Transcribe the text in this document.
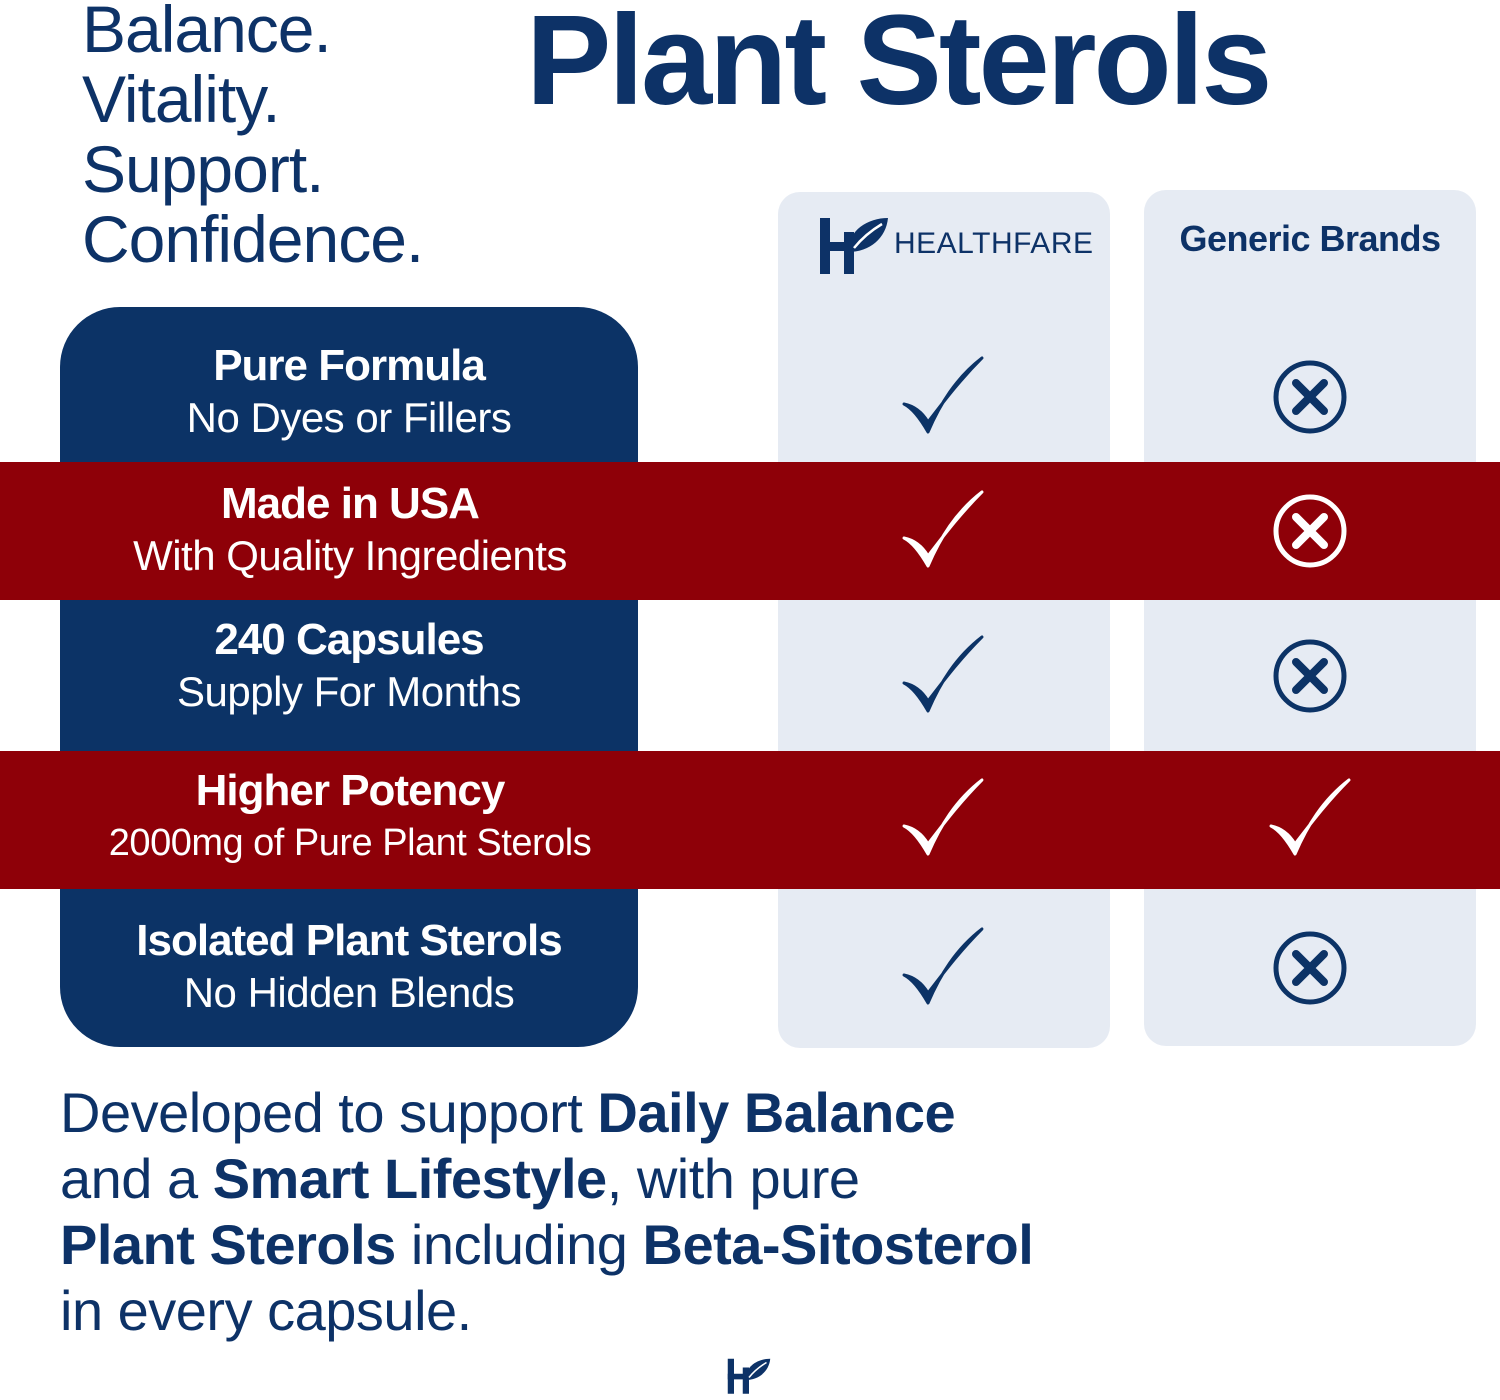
Balance.
Vitality.
Support.
Confidence.
Plant Sterols
HEALTHFARE	Generic Brands
Pure Formula
No Dyes or Fillers
Made in USA
With Quality Ingredients
240 Capsules
Supply For Months
Higher Potency
2000mg of Pure Plant Sterols
Isolated Plant Sterols
No Hidden Blends

Developed to support Daily Balance
and a Smart Lifestyle, with pure
Plant Sterols including Beta-Sitosterol
in every capsule.
